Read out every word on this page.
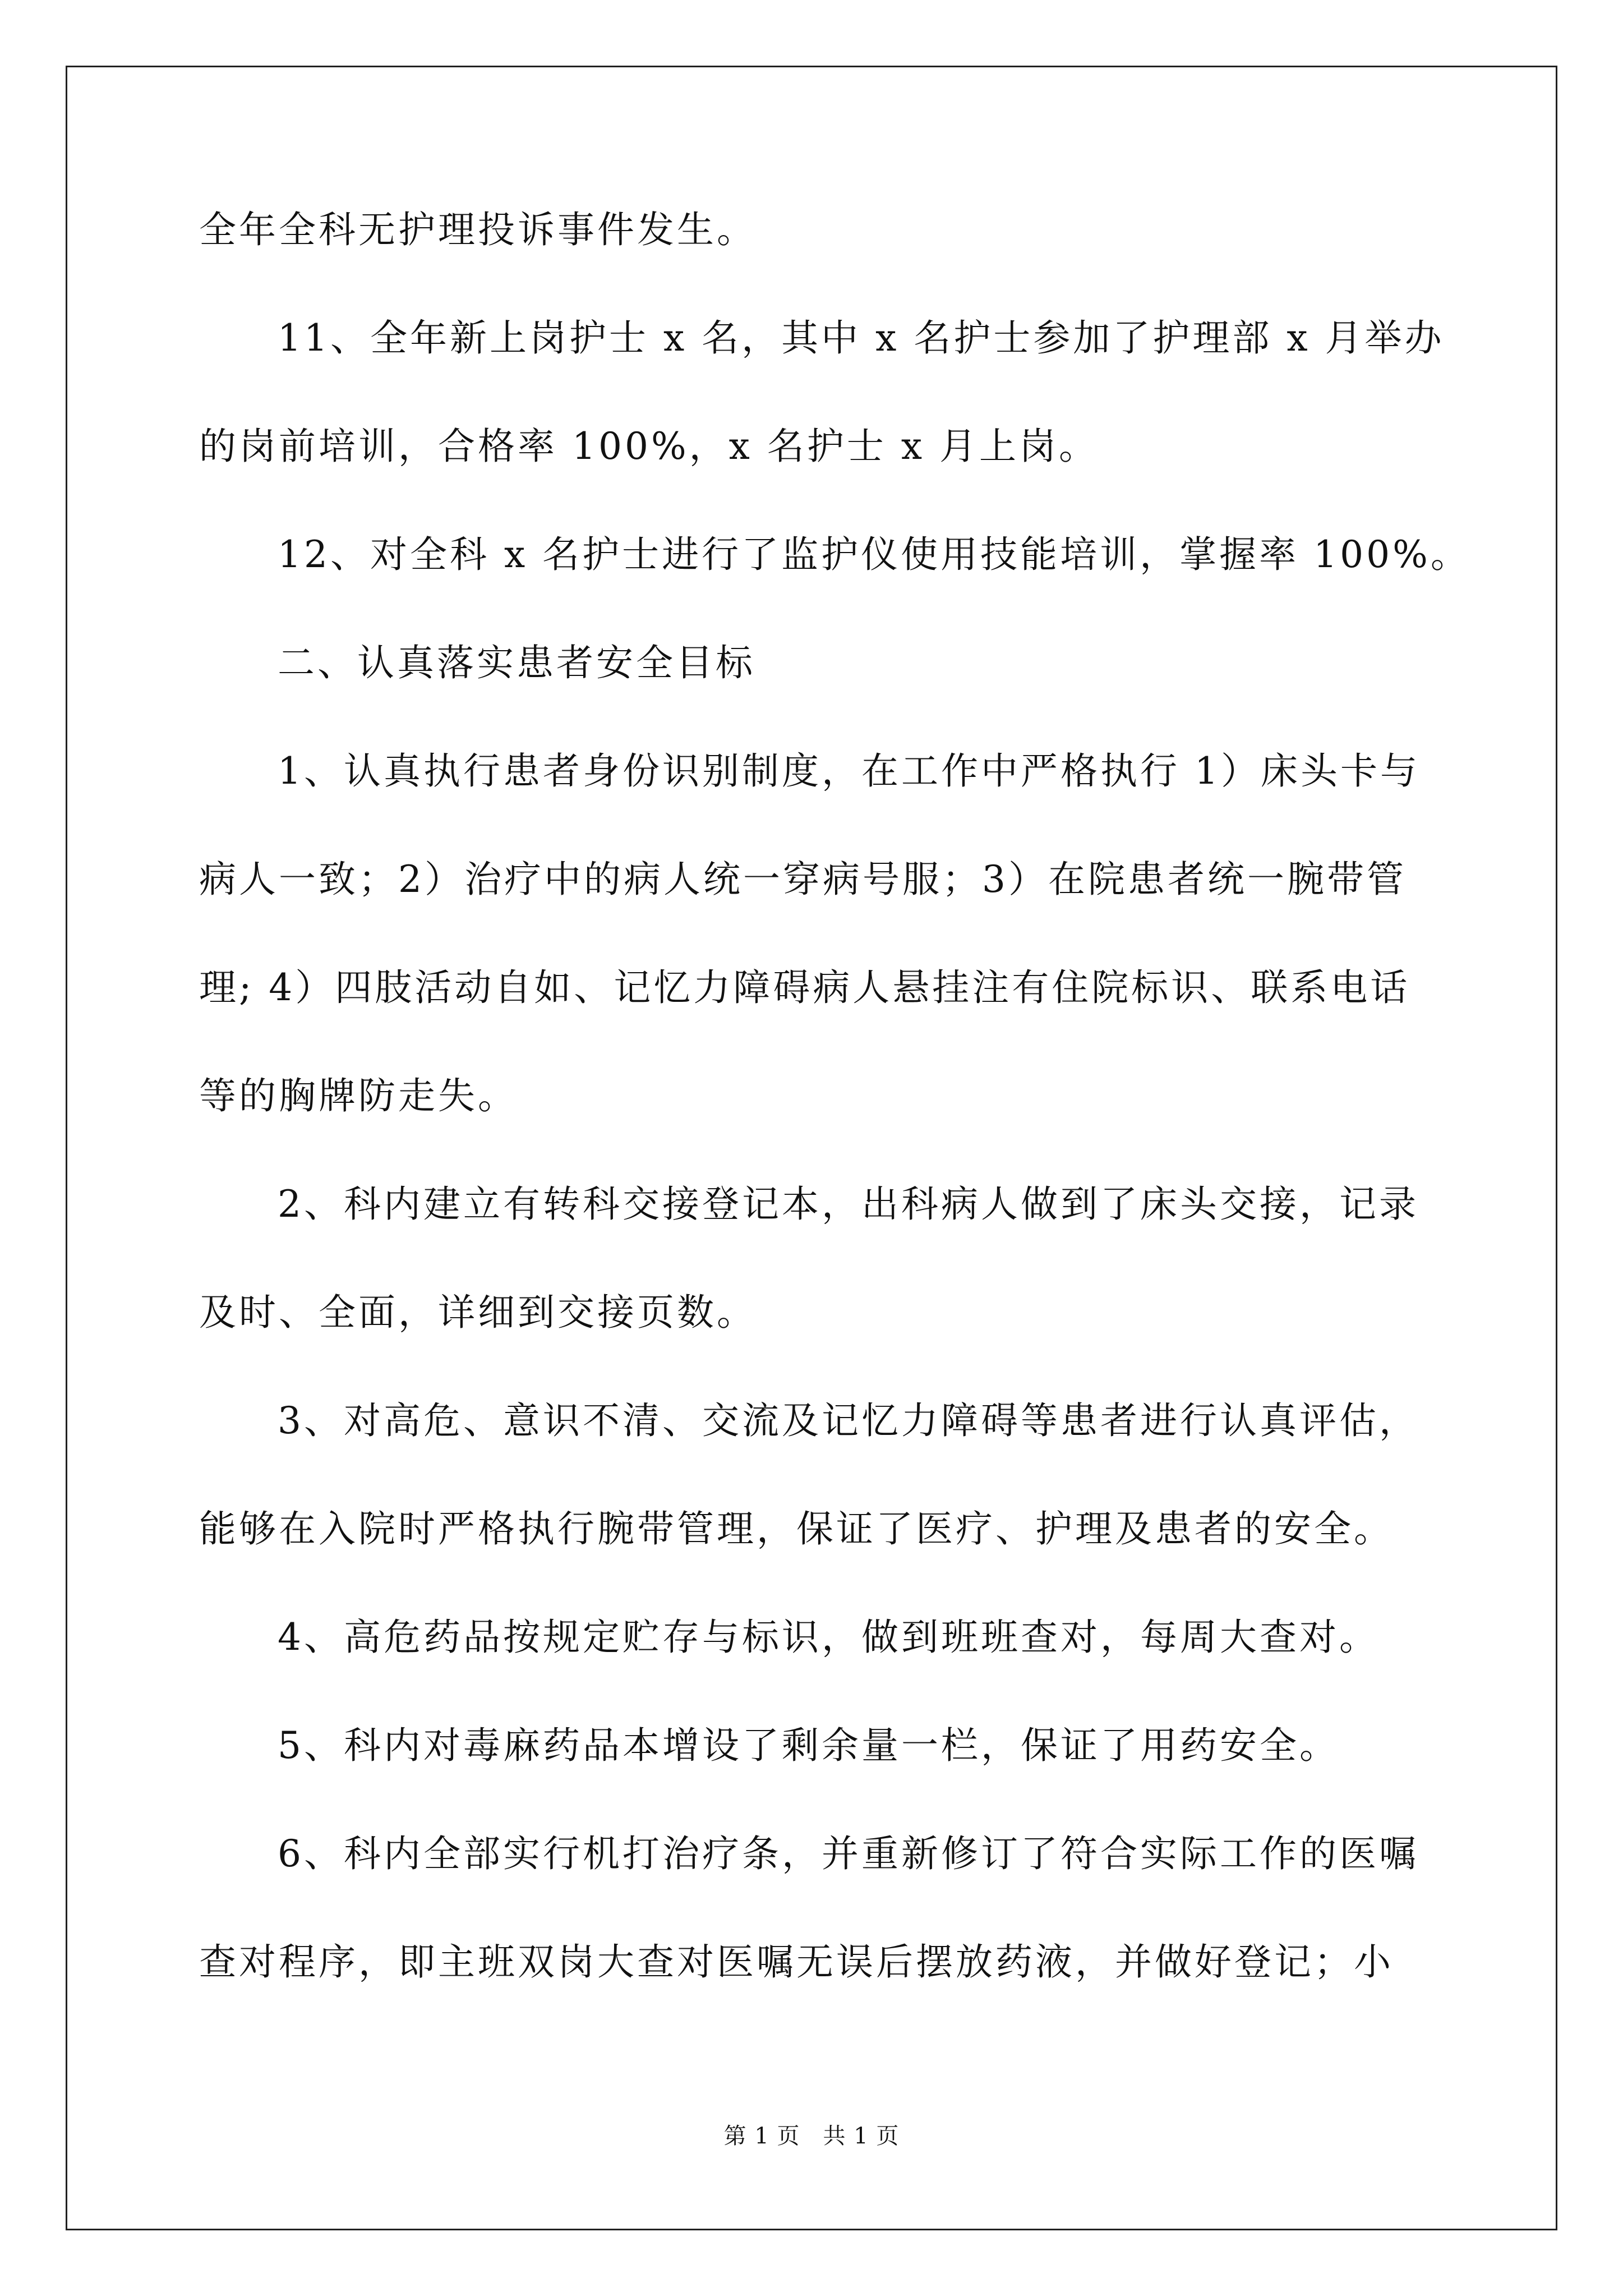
全年全科无护理投诉事件发生。
11、全年新上岗护士 x 名，其中 x 名护士参加了护理部 x 月举办
的岗前培训，合格率 100%，x 名护士 x 月上岗。
12、对全科 x 名护士进行了监护仪使用技能培训，掌握率 100%。
二、认真落实患者安全目标
1、认真执行患者身份识别制度，在工作中严格执行 1）床头卡与
病人一致；2）治疗中的病人统一穿病号服；3）在院患者统一腕带管
理; 4）四肢活动自如、记忆力障碍病人悬挂注有住院标识、联系电话
等的胸牌防走失。
2、科内建立有转科交接登记本，出科病人做到了床头交接，记录
及时、全面，详细到交接页数。
3、对高危、意识不清、交流及记忆力障碍等患者进行认真评估，
能够在入院时严格执行腕带管理，保证了医疗、护理及患者的安全。
4、高危药品按规定贮存与标识，做到班班查对，每周大查对。
5、科内对毒麻药品本增设了剩余量一栏，保证了用药安全。
6、科内全部实行机打治疗条，并重新修订了符合实际工作的医嘱
查对程序，即主班双岗大查对医嘱无误后摆放药液，并做好登记；小
第 1 页　共 1 页
